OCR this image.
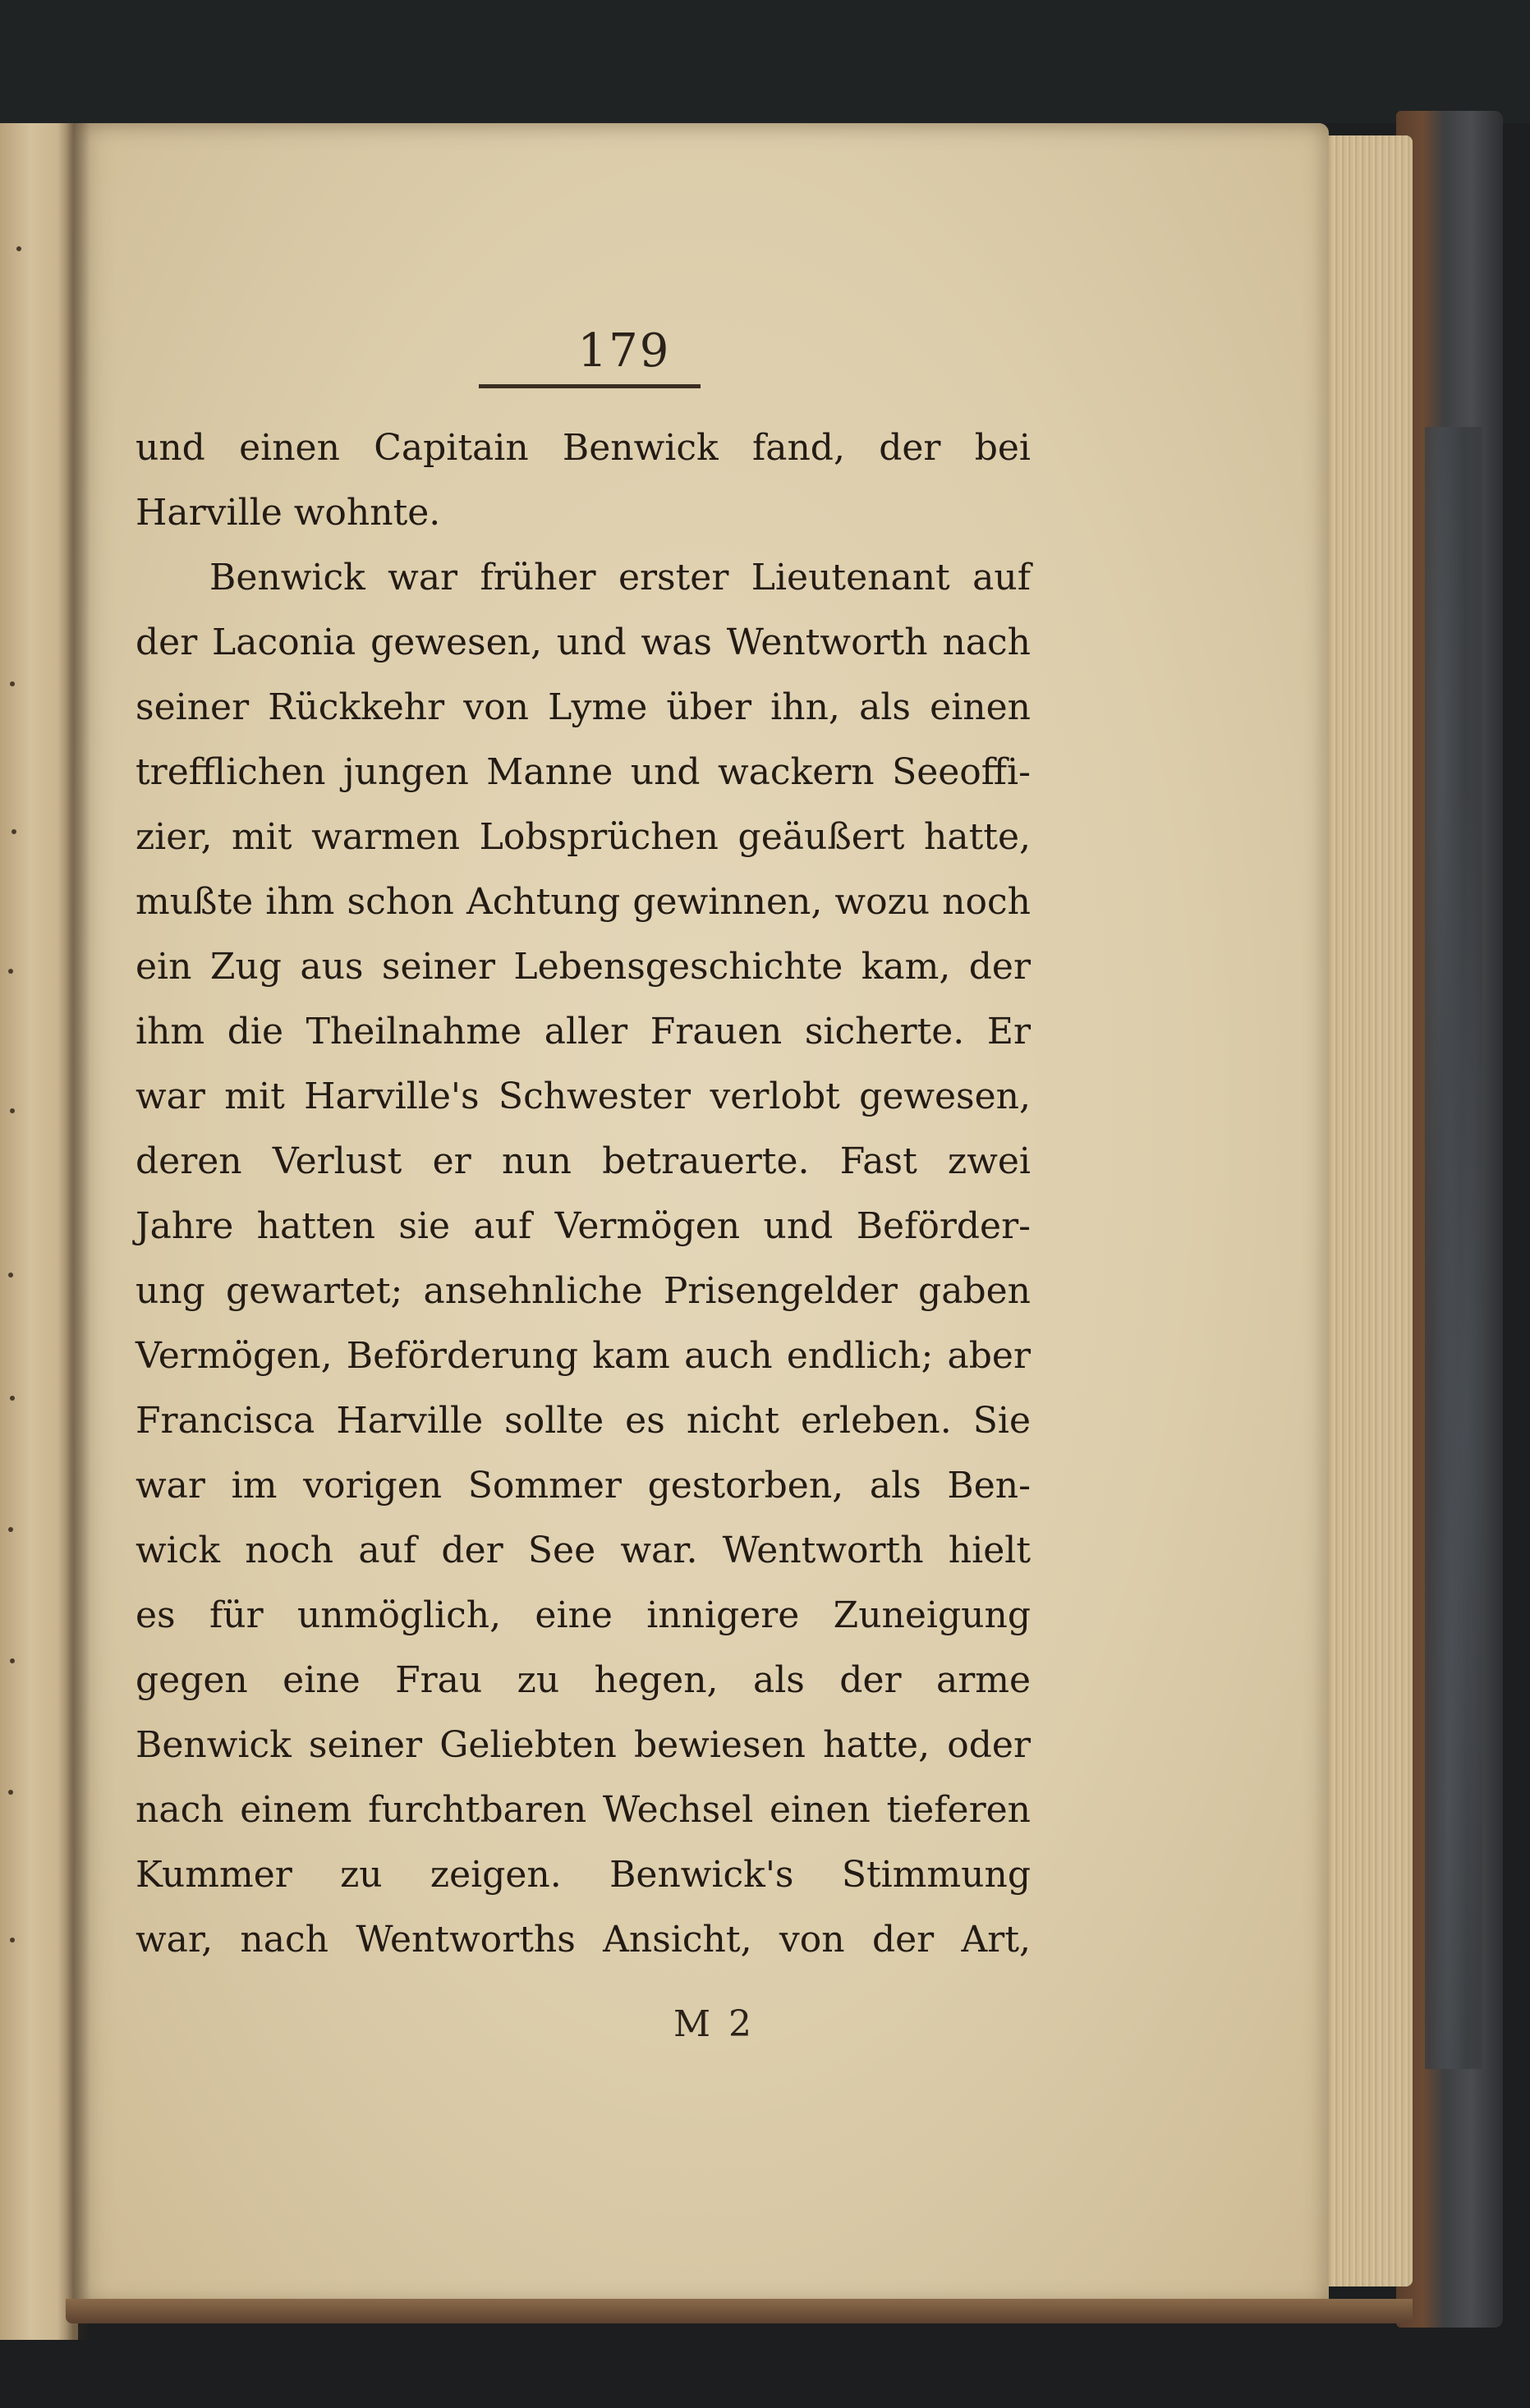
179
und einen Capitain Benwick fand, der bei
Harville wohnte.
Benwick war früher erster Lieutenant auf
der Laconia gewesen, und was Wentworth nach
seiner Rückkehr von Lyme über ihn, als einen
trefflichen jungen Manne und wackern Seeoffi-
zier, mit warmen Lobsprüchen geäußert hatte,
mußte ihm schon Achtung gewinnen, wozu noch
ein Zug aus seiner Lebensgeschichte kam, der
ihm die Theilnahme aller Frauen sicherte. Er
war mit Harville's Schwester verlobt gewesen,
deren Verlust er nun betrauerte. Fast zwei
Jahre hatten sie auf Vermögen und Beförder-
ung gewartet; ansehnliche Prisengelder gaben
Vermögen, Beförderung kam auch endlich; aber
Francisca Harville sollte es nicht erleben. Sie
war im vorigen Sommer gestorben, als Ben-
wick noch auf der See war. Wentworth hielt
es für unmöglich, eine innigere Zuneigung
gegen eine Frau zu hegen, als der arme
Benwick seiner Geliebten bewiesen hatte, oder
nach einem furchtbaren Wechsel einen tieferen
Kummer zu zeigen. Benwick's Stimmung
war, nach Wentworths Ansicht, von der Art,
M 2
